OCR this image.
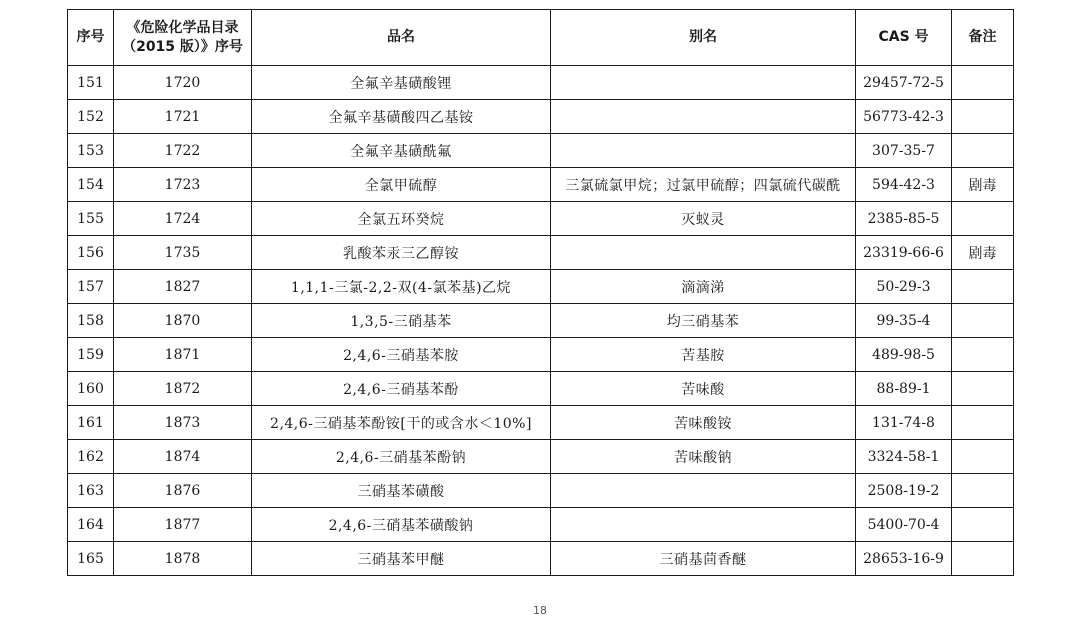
序号	《危险化学品目录
（2015 版）》序号	品名	别名	CAS 号	备注
151	1720	全氟辛基磺酸锂		29457-72-5	
152	1721	全氟辛基磺酸四乙基铵		56773-42-3	
153	1722	全氟辛基磺酰氟		307-35-7	
154	1723	全氯甲硫醇	三氯硫氯甲烷；过氯甲硫醇；四氯硫代碳酰	594-42-3	剧毒
155	1724	全氯五环癸烷	灭蚁灵	2385-85-5	
156	1735	乳酸苯汞三乙醇铵		23319-66-6	剧毒
157	1827	1,1,1-三氯-2,2-双(4-氯苯基)乙烷	滴滴涕	50-29-3	
158	1870	1,3,5-三硝基苯	均三硝基苯	99-35-4	
159	1871	2,4,6-三硝基苯胺	苦基胺	489-98-5	
160	1872	2,4,6-三硝基苯酚	苦味酸	88-89-1	
161	1873	2,4,6-三硝基苯酚铵[干的或含水＜10%]	苦味酸铵	131-74-8	
162	1874	2,4,6-三硝基苯酚钠	苦味酸钠	3324-58-1	
163	1876	三硝基苯磺酸		2508-19-2	
164	1877	2,4,6-三硝基苯磺酸钠		5400-70-4	
165	1878	三硝基苯甲醚	三硝基茴香醚	28653-16-9	
18
